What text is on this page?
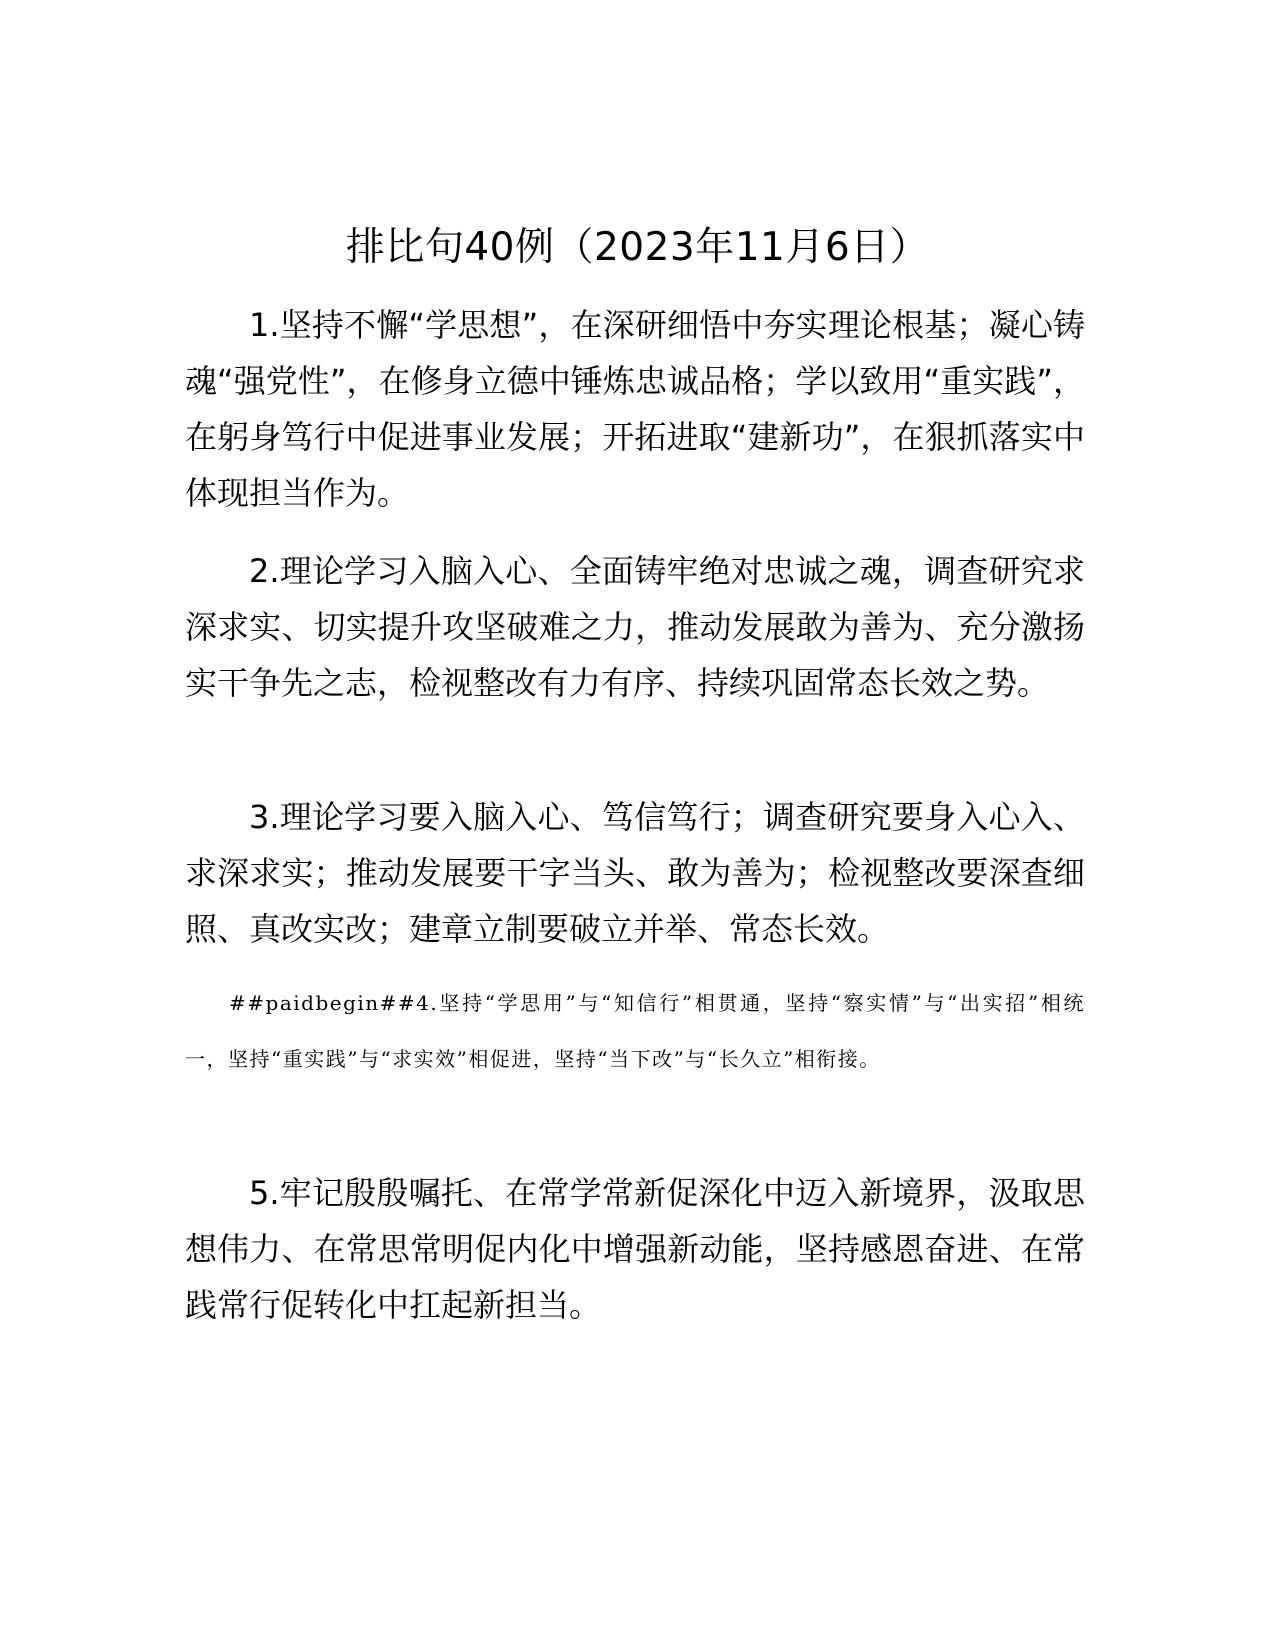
排比句40例（2023年11月6日）

1.坚持不懈“学思想”，在深研细悟中夯实理论根基；凝心铸魂“强党性”，在修身立德中锤炼忠诚品格；学以致用“重实践”，在躬身笃行中促进事业发展；开拓进取“建新功”，在狠抓落实中体现担当作为。

2.理论学习入脑入心、全面铸牢绝对忠诚之魂，调查研究求深求实、切实提升攻坚破难之力，推动发展敢为善为、充分激扬实干争先之志，检视整改有力有序、持续巩固常态长效之势。

3.理论学习要入脑入心、笃信笃行；调查研究要身入心入、求深求实；推动发展要干字当头、敢为善为；检视整改要深查细照、真改实改；建章立制要破立并举、常态长效。

##paidbegin##4.坚持“学思用”与“知信行”相贯通，坚持“察实情”与“出实招”相统一，坚持“重实践”与“求实效”相促进，坚持“当下改”与“长久立”相衔接。

5.牢记殷殷嘱托、在常学常新促深化中迈入新境界，汲取思想伟力、在常思常明促内化中增强新动能，坚持感恩奋进、在常践常行促转化中扛起新担当。
